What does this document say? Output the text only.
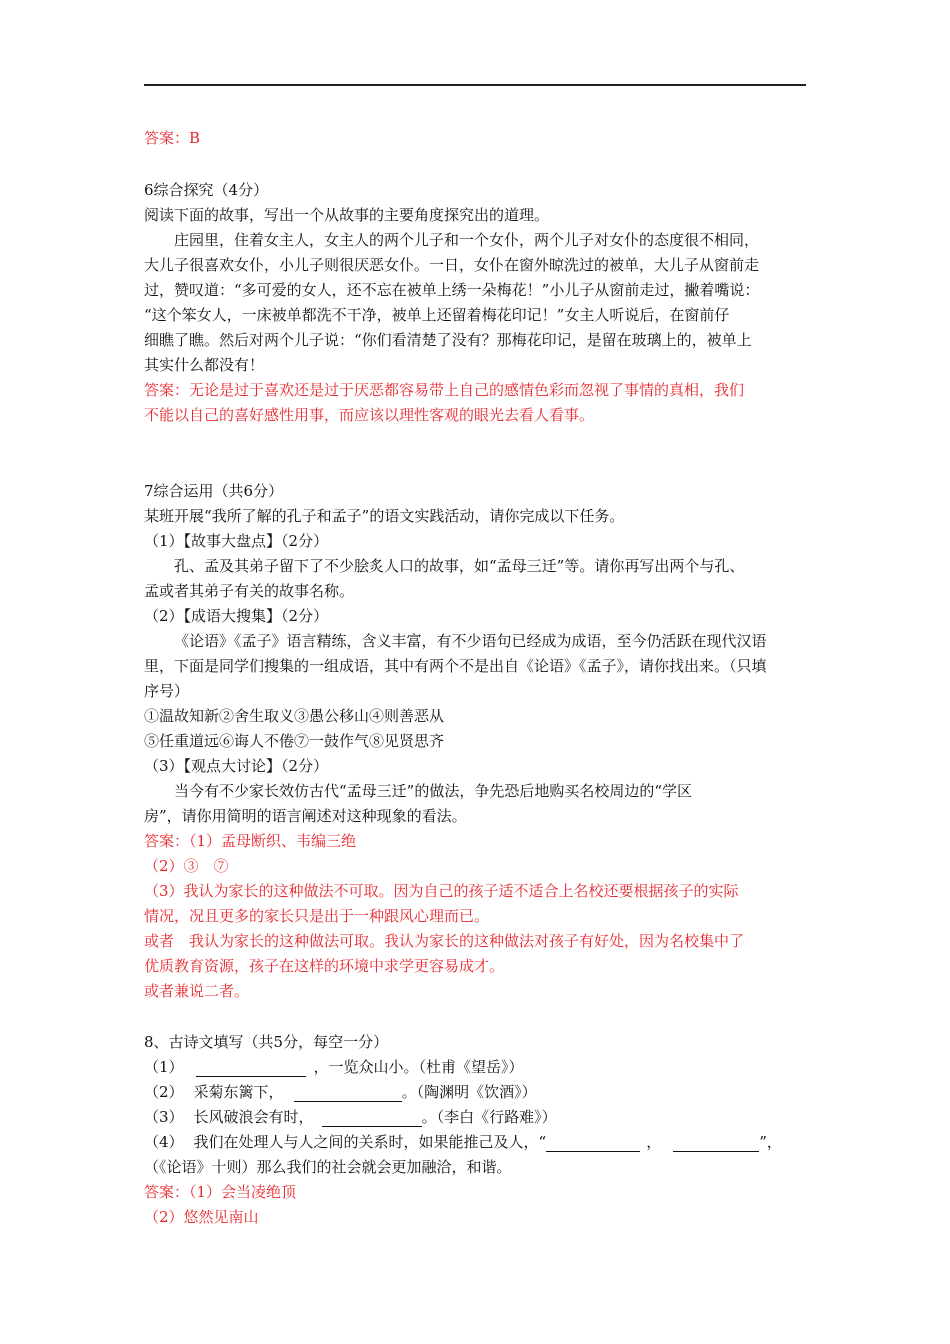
答案：B
6综合探究（4分）
阅读下面的故事，写出一个从故事的主要角度探究出的道理。
庄园里，住着女主人，女主人的两个儿子和一个女仆，两个儿子对女仆的态度很不相同，
大儿子很喜欢女仆，小儿子则很厌恶女仆。一日，女仆在窗外晾洗过的被单，大儿子从窗前走
过，赞叹道：“多可爱的女人，还不忘在被单上绣一朵梅花！”小儿子从窗前走过，撇着嘴说：
“这个笨女人，一床被单都洗不干净，被单上还留着梅花印记！”女主人听说后，在窗前仔
细瞧了瞧。然后对两个儿子说：“你们看清楚了没有？那梅花印记，是留在玻璃上的，被单上
其实什么都没有！
答案：无论是过于喜欢还是过于厌恶都容易带上自己的感情色彩而忽视了事情的真相，我们
不能以自己的喜好感性用事，而应该以理性客观的眼光去看人看事。
7综合运用（共6分）
某班开展“我所了解的孔子和孟子”的语文实践活动，请你完成以下任务。
（1）【故事大盘点】（2分）
孔、孟及其弟子留下了不少脍炙人口的故事，如“孟母三迁”等。请你再写出两个与孔、
孟或者其弟子有关的故事名称。
（2）【成语大搜集】（2分）
《论语》《孟子》语言精练，含义丰富，有不少语句已经成为成语，至今仍活跃在现代汉语
里，下面是同学们搜集的一组成语，其中有两个不是出自《论语》《孟子》，请你找出来。（只填
序号）
①温故知新②舍生取义③愚公移山④则善恶从
⑤任重道远⑥诲人不倦⑦一鼓作气⑧见贤思齐
（3）【观点大讨论】（2分）
当今有不少家长效仿古代“孟母三迁”的做法，争先恐后地购买名校周边的“学区
房”，请你用简明的语言阐述对这种现象的看法。
答案：（1）孟母断织、韦编三绝
（2）③　⑦
（3）我认为家长的这种做法不可取。因为自己的孩子适不适合上名校还要根据孩子的实际
情况，况且更多的家长只是出于一种跟风心理而已。
或者　我认为家长的这种做法可取。我认为家长的这种做法对孩子有好处，因为名校集中了
优质教育资源，孩子在这样的环境中求学更容易成才。
或者兼说二者。
8、古诗文填写（共5分，每空一分）
（1）	，一览众山小。（杜甫《望岳》）
（2） 采菊东篱下，	。（陶渊明《饮酒》）
（3） 长风破浪会有时，	。（李白《行路难》）
（4） 我们在处理人与人之间的关系时，如果能推己及人，“	，	”，
（《论语》十则）那么我们的社会就会更加融洽，和谐。
答案：（1）会当凌绝顶
（2）悠然见南山
